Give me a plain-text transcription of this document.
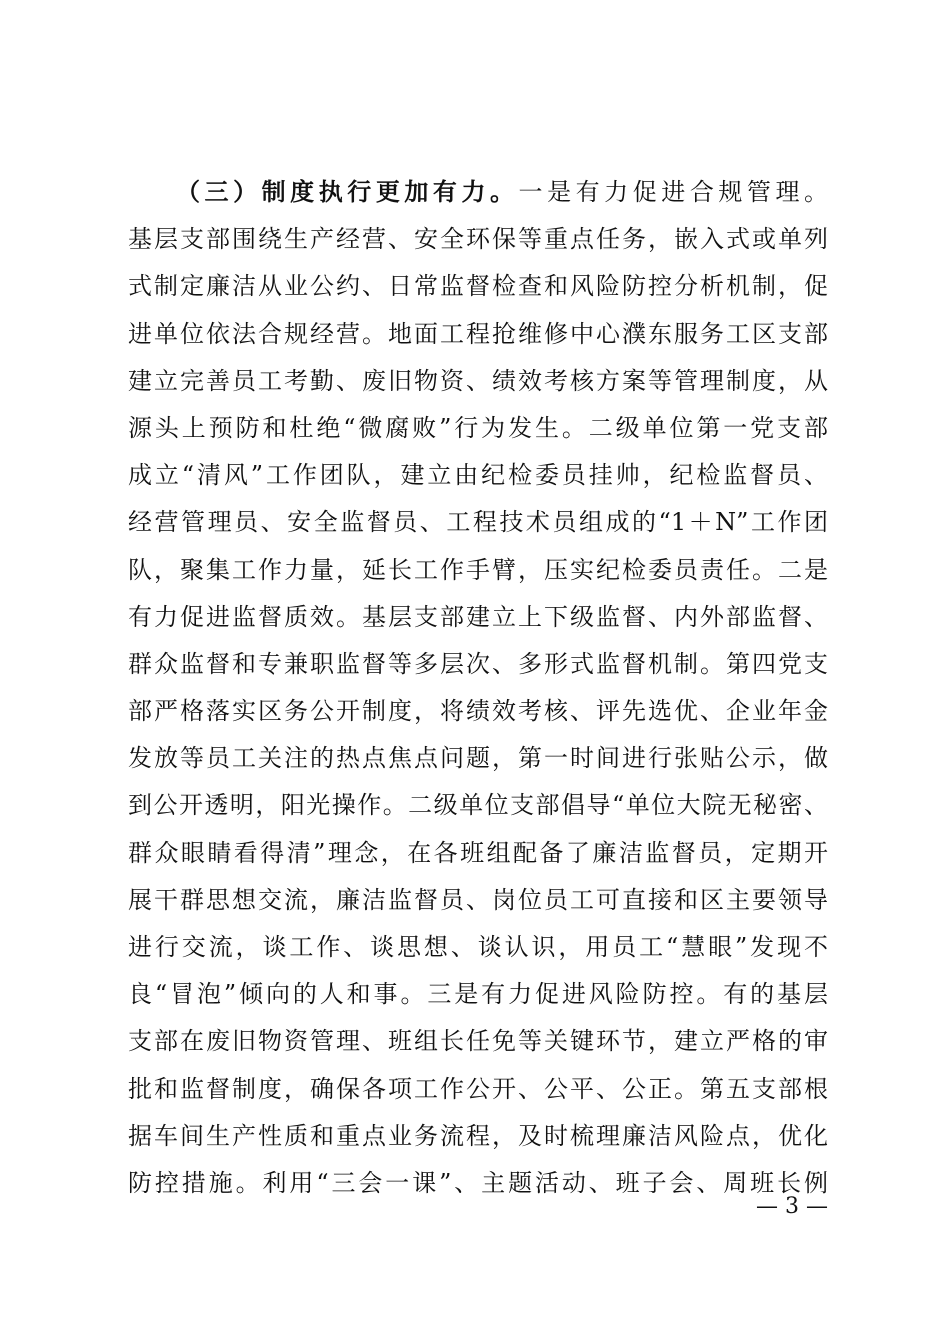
（三）制度执行更加有力。一是有力促进合规管理。
基层支部围绕生产经营、安全环保等重点任务，嵌入式或单列
式制定廉洁从业公约、日常监督检查和风险防控分析机制，促
进单位依法合规经营。地面工程抢维修中心濮东服务工区支部
建立完善员工考勤、废旧物资、绩效考核方案等管理制度，从
源头上预防和杜绝“微腐败”行为发生。二级单位第一党支部
成立“清风”工作团队，建立由纪检委员挂帅，纪检监督员、
经营管理员、安全监督员、工程技术员组成的“1＋N”工作团
队，聚集工作力量，延长工作手臂，压实纪检委员责任。二是
有力促进监督质效。基层支部建立上下级监督、内外部监督、
群众监督和专兼职监督等多层次、多形式监督机制。第四党支
部严格落实区务公开制度，将绩效考核、评先选优、企业年金
发放等员工关注的热点焦点问题，第一时间进行张贴公示，做
到公开透明，阳光操作。二级单位支部倡导“单位大院无秘密、
群众眼睛看得清”理念，在各班组配备了廉洁监督员，定期开
展干群思想交流，廉洁监督员、岗位员工可直接和区主要领导
进行交流，谈工作、谈思想、谈认识，用员工“慧眼”发现不
良“冒泡”倾向的人和事。三是有力促进风险防控。有的基层
支部在废旧物资管理、班组长任免等关键环节，建立严格的审
批和监督制度，确保各项工作公开、公平、公正。第五支部根
据车间生产性质和重点业务流程，及时梳理廉洁风险点，优化
防控措施。利用“三会一课”、主题活动、班子会、周班长例
— 3 —
